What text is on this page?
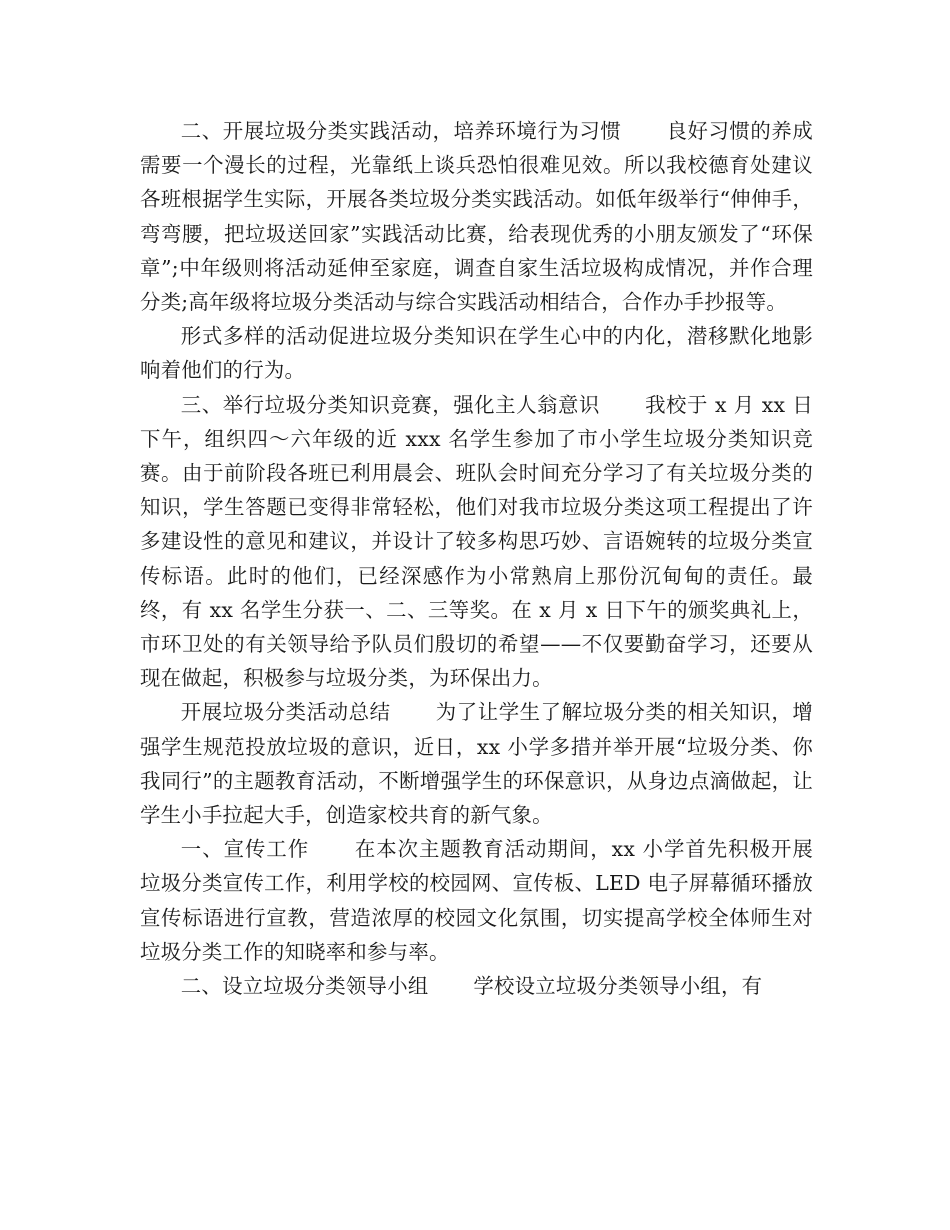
二、开展垃圾分类实践活动，培养环境行为习惯 良好习惯的养成需要一个漫长的过程，光靠纸上谈兵恐怕很难见效。所以我校德育处建议各班根据学生实际，开展各类垃圾分类实践活动。如低年级举行“伸伸手，弯弯腰，把垃圾送回家”实践活动比赛，给表现优秀的小朋友颁发了“环保章”;中年级则将活动延伸至家庭，调查自家生活垃圾构成情况，并作合理分类;高年级将垃圾分类活动与综合实践活动相结合，合作办手抄报等。

形式多样的活动促进垃圾分类知识在学生心中的内化，潜移默化地影响着他们的行为。

三、举行垃圾分类知识竞赛，强化主人翁意识 我校于 x 月 xx 日下午，组织四～六年级的近 xxx 名学生参加了市小学生垃圾分类知识竞赛。由于前阶段各班已利用晨会、班队会时间充分学习了有关垃圾分类的知识，学生答题已变得非常轻松，他们对我市垃圾分类这项工程提出了许多建设性的意见和建议，并设计了较多构思巧妙、言语婉转的垃圾分类宣传标语。此时的他们，已经深感作为小常熟肩上那份沉甸甸的责任。最终，有 xx 名学生分获一、二、三等奖。在 x 月 x 日下午的颁奖典礼上，市环卫处的有关领导给予队员们殷切的希望——不仅要勤奋学习，还要从现在做起，积极参与垃圾分类，为环保出力。

开展垃圾分类活动总结 为了让学生了解垃圾分类的相关知识，增强学生规范投放垃圾的意识，近日，xx 小学多措并举开展“垃圾分类、你我同行”的主题教育活动，不断增强学生的环保意识，从身边点滴做起，让学生小手拉起大手，创造家校共育的新气象。

一、宣传工作 在本次主题教育活动期间，xx 小学首先积极开展垃圾分类宣传工作，利用学校的校园网、宣传板、LED 电子屏幕循环播放宣传标语进行宣教，营造浓厚的校园文化氛围，切实提高学校全体师生对垃圾分类工作的知晓率和参与率。

二、设立垃圾分类领导小组 学校设立垃圾分类领导小组，有
